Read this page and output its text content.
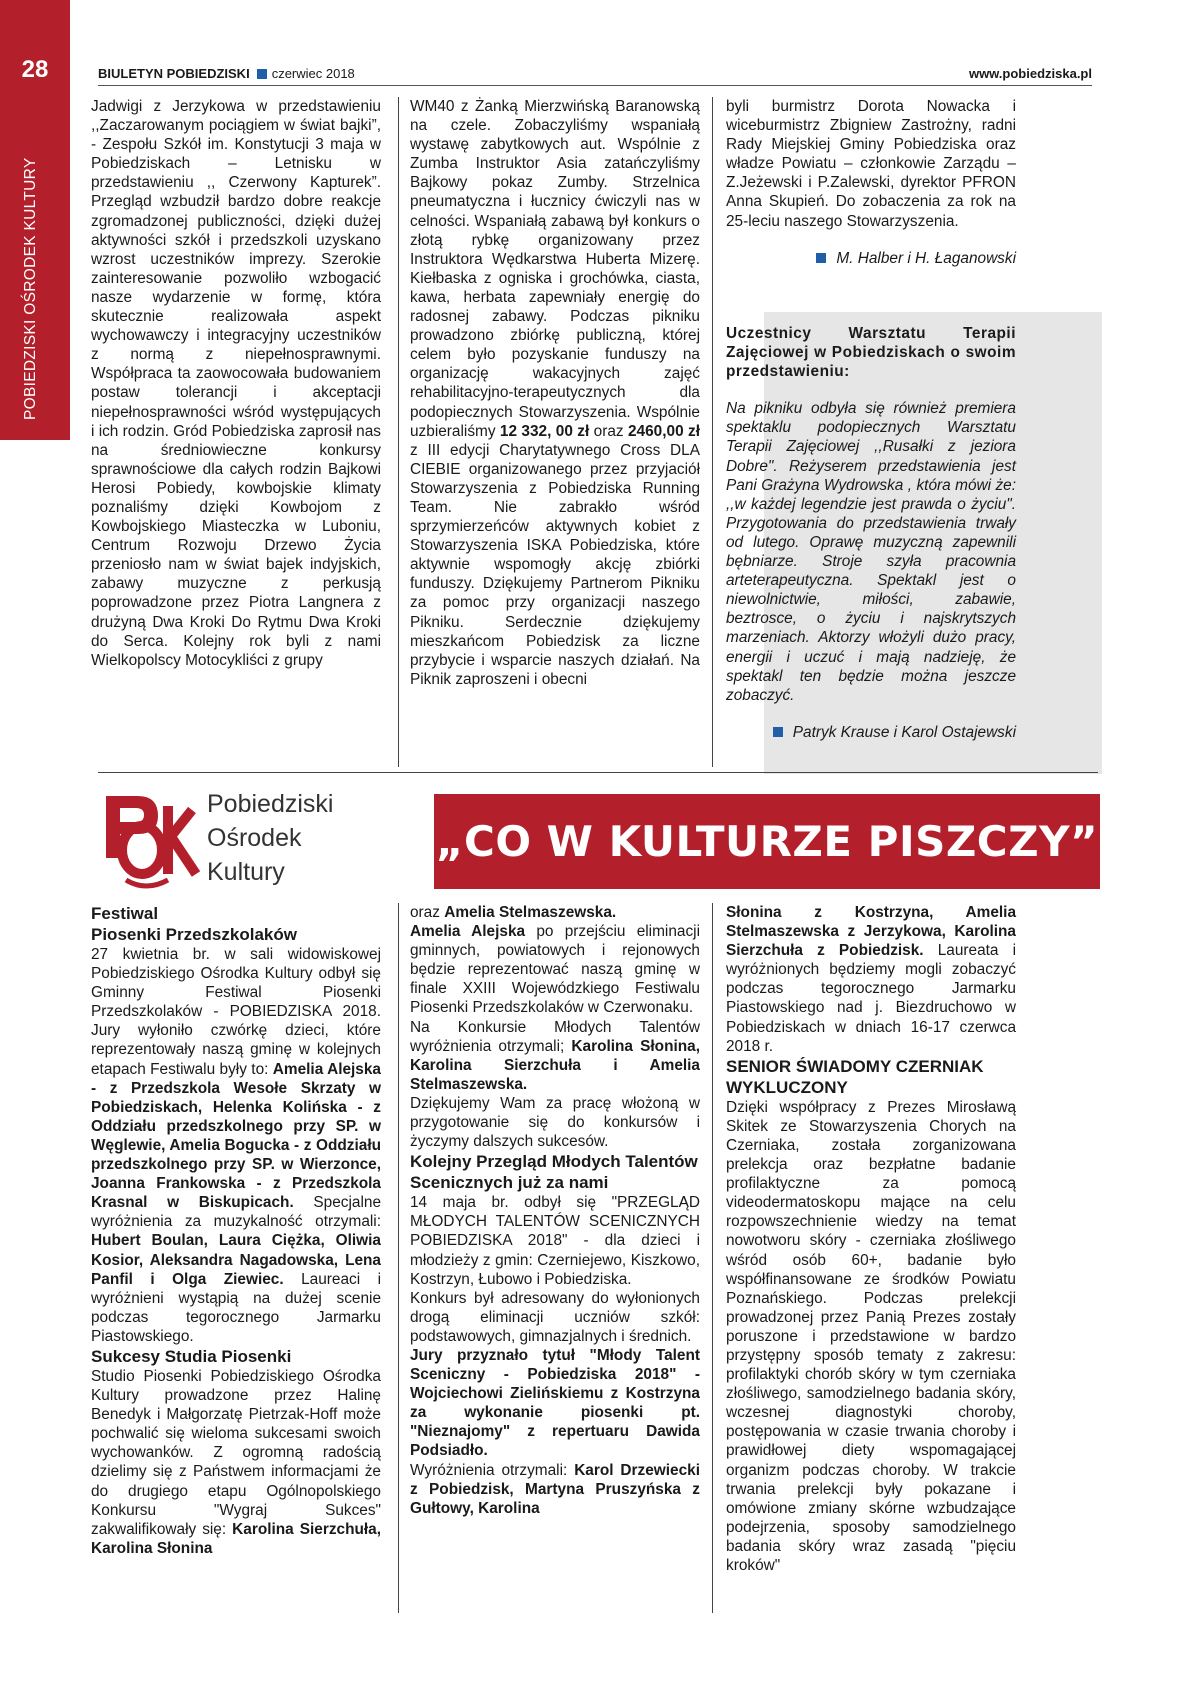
28
POBIEDZISKI OŚRODEK KULTURY
BIULETYN POBIEDZISKI czerwiec 2018	www.pobiedziska.pl

Jadwigi z Jerzykowa w przedstawieniu ,,Zaczarowanym pociągiem w świat bajki”, - Zespołu Szkół im. Konstytucji 3 maja w Pobiedziskach – Letnisku w przedstawieniu ,, Czerwony Kapturek”. Przegląd wzbudził bardzo dobre reakcje zgromadzonej publiczności, dzięki dużej aktywności szkół i przedszkoli uzyskano wzrost uczestników imprezy. Szerokie zainteresowanie pozwoliło wzbogacić nasze wydarzenie w formę, która skutecznie realizowała aspekt wychowawczy i integracyjny uczestników z normą z niepełnosprawnymi. Współpraca ta zaowocowała budowaniem postaw tolerancji i akceptacji niepełnosprawności wśród występujących i ich rodzin. Gród Pobiedziska zaprosił nas na średniowieczne konkursy sprawnościowe dla całych rodzin Bajkowi Herosi Pobiedy, kowbojskie klimaty poznaliśmy dzięki Kowbojom z Kowbojskiego Miasteczka w Luboniu, Centrum Rozwoju Drzewo Życia przeniosło nam w świat bajek indyjskich, zabawy muzyczne z perkusją poprowadzone przez Piotra Langnera z drużyną Dwa Kroki Do Rytmu Dwa Kroki do Serca. Kolejny rok byli z nami Wielkopolscy Motocykliści z grupy

WM40 z Żanką Mierzwińską Baranowską na czele. Zobaczyliśmy wspaniałą wystawę zabytkowych aut. Wspólnie z Zumba Instruktor Asia zatańczyliśmy Bajkowy pokaz Zumby. Strzelnica pneumatyczna i łucznicy ćwiczyli nas w celności. Wspaniałą zabawą był konkurs o złotą rybkę organizowany przez Instruktora Wędkarstwa Huberta Mizerę. Kiełbaska z ogniska i grochówka, ciasta, kawa, herbata zapewniały energię do radosnej zabawy. Podczas pikniku prowadzono zbiórkę publiczną, której celem było pozyskanie funduszy na organizację wakacyjnych zajęć rehabilitacyjno-terapeutycznych dla podopiecznych Stowarzyszenia. Wspólnie uzbieraliśmy 12 332, 00 zł oraz 2460,00 zł z III edycji Charytatywnego Cross DLA CIEBIE organizowanego przez przyjaciół Stowarzyszenia z Pobiedziska Running Team. Nie zabrakło wśród sprzymierzeńców aktywnych kobiet z Stowarzyszenia ISKA Pobiedziska, które aktywnie wspomogły akcję zbiórki funduszy. Dziękujemy Partnerom Pikniku za pomoc przy organizacji naszego Pikniku. Serdecznie dziękujemy mieszkańcom Pobiedzisk za liczne przybycie i wsparcie naszych działań. Na Piknik zaproszeni i obecni

byli burmistrz Dorota Nowacka i wiceburmistrz Zbigniew Zastrożny, radni Rady Miejskiej Gminy Pobiedziska oraz władze Powiatu – członkowie Zarządu – Z.Jeżewski i P.Zalewski, dyrektor PFRON Anna Skupień. Do zobaczenia za rok na 25-leciu naszego Stowarzyszenia.

M. Halber i H. Łaganowski

Uczestnicy Warsztatu Terapii Zajęciowej w Pobiedziskach o swoim przedstawieniu:

Na pikniku odbyła się również premiera spektaklu podopiecznych Warsztatu Terapii Zajęciowej ,,Rusałki z jeziora Dobre". Reżyserem przedstawienia jest Pani Grażyna Wydrowska , która mówi że: ,,w każdej legendzie jest prawda o życiu". Przygotowania do przedstawienia trwały od lutego. Oprawę muzyczną zapewnili bębniarze. Stroje szyła pracownia arteterapeutyczna. Spektakl jest o niewolnictwie, miłości, zabawie, beztrosce, o życiu i najskrytszych marzeniach. Aktorzy włożyli dużo pracy, energii i uczuć i mają nadzieję, że spektakl ten będzie można jeszcze zobaczyć.

Patryk Krause i Karol Ostajewski

Pobiedziski
Ośrodek
Kultury
„CO W KULTURZE PISZCZY”

Festiwal
Piosenki Przedszkolaków

27 kwietnia br. w sali widowiskowej Pobiedziskiego Ośrodka Kultury odbył się Gminny Festiwal Piosenki Przedszkolaków - POBIEDZISKA 2018. Jury wyłoniło czwórkę dzieci, które reprezentowały naszą gminę w kolejnych etapach Festiwalu były to: Amelia Alejska - z Przedszkola Wesołe Skrzaty w Pobiedziskach, Helenka Kolińska - z Oddziału przedszkolnego przy SP. w Węglewie, Amelia Bogucka - z Oddziału przedszkolnego przy SP. w Wierzonce, Joanna Frankowska - z Przedszkola Krasnal w Biskupicach. Specjalne wyróżnienia za muzykalność otrzymali: Hubert Boulan, Laura Ciężka, Oliwia Kosior, Aleksandra Nagadowska, Lena Panfil i Olga Ziewiec. Laureaci i wyróżnieni wystąpią na dużej scenie podczas tegorocznego Jarmarku Piastowskiego.

Sukcesy Studia Piosenki

Studio Piosenki Pobiedziskiego Ośrodka Kultury prowadzone przez Halinę Benedyk i Małgorzatę Pietrzak-Hoff może pochwalić się wieloma sukcesami swoich wychowanków. Z ogromną radością dzielimy się z Państwem informacjami że do drugiego etapu Ogólnopolskiego Konkursu "Wygraj Sukces" zakwalifikowały się: Karolina Sierzchuła, Karolina Słonina

oraz Amelia Stelmaszewska.

Amelia Alejska po przejściu eliminacji gminnych, powiatowych i rejonowych będzie reprezentować naszą gminę w finale XXIII Wojewódzkiego Festiwalu Piosenki Przedszkolaków w Czerwonaku.

Na Konkursie Młodych Talentów wyróżnienia otrzymali; Karolina Słonina, Karolina Sierzchuła i Amelia Stelmaszewska.

Dziękujemy Wam za pracę włożoną w przygotowanie się do konkursów i życzymy dalszych sukcesów.

Kolejny Przegląd Młodych Talentów Scenicznych już za nami

14 maja br. odbył się "PRZEGLĄD MŁODYCH TALENTÓW SCENICZNYCH POBIEDZISKA 2018" - dla dzieci i młodzieży z gmin: Czerniejewo, Kiszkowo, Kostrzyn, Łubowo i Pobiedziska.

Konkurs był adresowany do wyłonionych drogą eliminacji uczniów szkół: podstawowych, gimnazjalnych i średnich.

Jury przyznało tytuł "Młody Talent Sceniczny - Pobiedziska 2018" - Wojciechowi Zielińskiemu z Kostrzyna za wykonanie piosenki pt. "Nieznajomy" z repertuaru Dawida Podsiadło.

Wyróżnienia otrzymali: Karol Drzewiecki z Pobiedzisk, Martyna Pruszyńska z Gułtowy, Karolina

Słonina z Kostrzyna, Amelia Stelmaszewska z Jerzykowa, Karolina Sierzchuła z Pobiedzisk. Laureata i wyróżnionych będziemy mogli zobaczyć podczas tegorocznego Jarmarku Piastowskiego nad j. Biezdruchowo w Pobiedziskach w dniach 16-17 czerwca 2018 r.

SENIOR ŚWIADOMY CZERNIAK WYKLUCZONY

Dzięki współpracy z Prezes Mirosławą Skitek ze Stowarzyszenia Chorych na Czerniaka, została zorganizowana prelekcja oraz bezpłatne badanie profilaktyczne za pomocą videodermatoskopu mające na celu rozpowszechnienie wiedzy na temat nowotworu skóry - czerniaka złośliwego wśród osób 60+, badanie było współfinansowane ze środków Powiatu Poznańskiego. Podczas prelekcji prowadzonej przez Panią Prezes zostały poruszone i przedstawione w bardzo przystępny sposób tematy z zakresu: profilaktyki chorób skóry w tym czerniaka złośliwego, samodzielnego badania skóry, wczesnej diagnostyki choroby, postępowania w czasie trwania choroby i prawidłowej diety wspomagającej organizm podczas choroby. W trakcie trwania prelekcji były pokazane i omówione zmiany skórne wzbudzające podejrzenia, sposoby samodzielnego badania skóry wraz zasadą "pięciu kroków"
